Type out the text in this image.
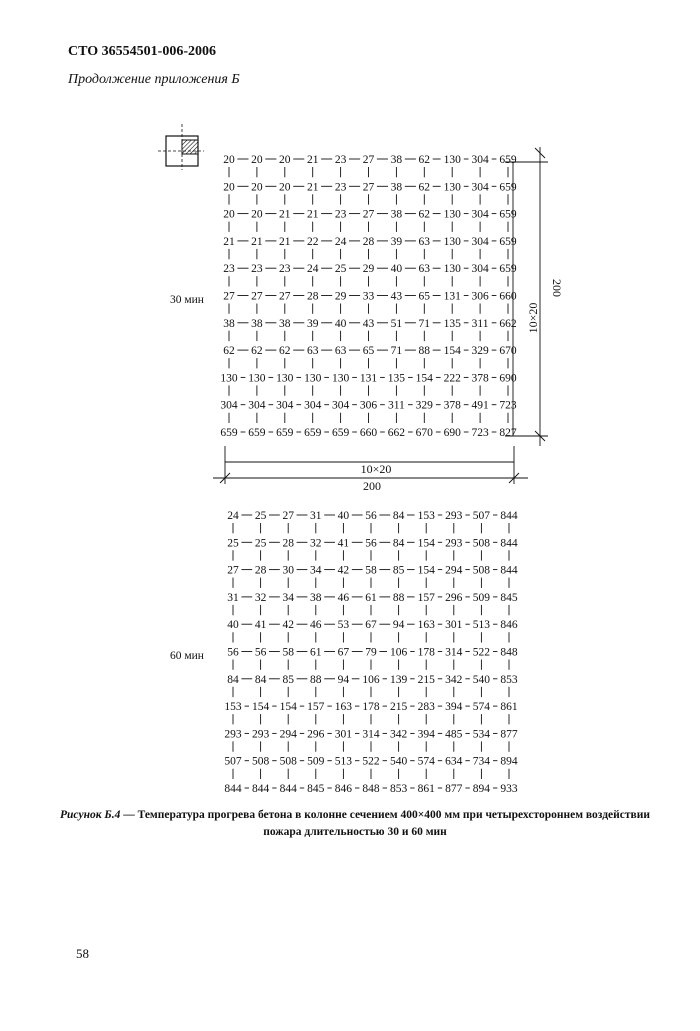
СТО 36554501-006-2006
Продолжение приложения Б
20 20 20 21 23 27 38 62 130 304 659
20 20 20 21 23 27 38 62 130 304 659
20 20 21 21 23 27 38 62 130 304 659
21 21 21 22 24 28 39 63 130 304 659
23 23 23 24 25 29 40 63 130 304 659
27 27 27 28 29 33 43 65 131 306 660
38 38 38 39 40 43 51 71 135 311 662
62 62 62 63 63 65 71 88 154 329 670
130 130 130 130 130 131 135 154 222 378 690
304 304 304 304 304 306 311 329 378 491 723
659 659 659 659 659 660 662 670 690 723 827
24 25 27 31 40 56 84 153 293 507 844
25 25 28 32 41 56 84 154 293 508 844
27 28 30 34 42 58 85 154 294 508 844
31 32 34 38 46 61 88 157 296 509 845
40 41 42 46 53 67 94 163 301 513 846
56 56 58 61 67 79 106 178 314 522 848
84 84 85 88 94 106 139 215 342 540 853
153 154 154 157 163 178 215 283 394 574 861
293 293 294 296 301 314 342 394 485 534 877
507 508 508 509 513 522 540 574 634 734 894
844 844 844 845 846 848 853 861 877 894 933
10×20
200
10×20
200
30 мин
60 мин
Рисунок Б.4 — Температура прогрева бетона в колонне сечением 400×400 мм при четырехстороннем воздействии пожара длительностью 30 и 60 мин
58
